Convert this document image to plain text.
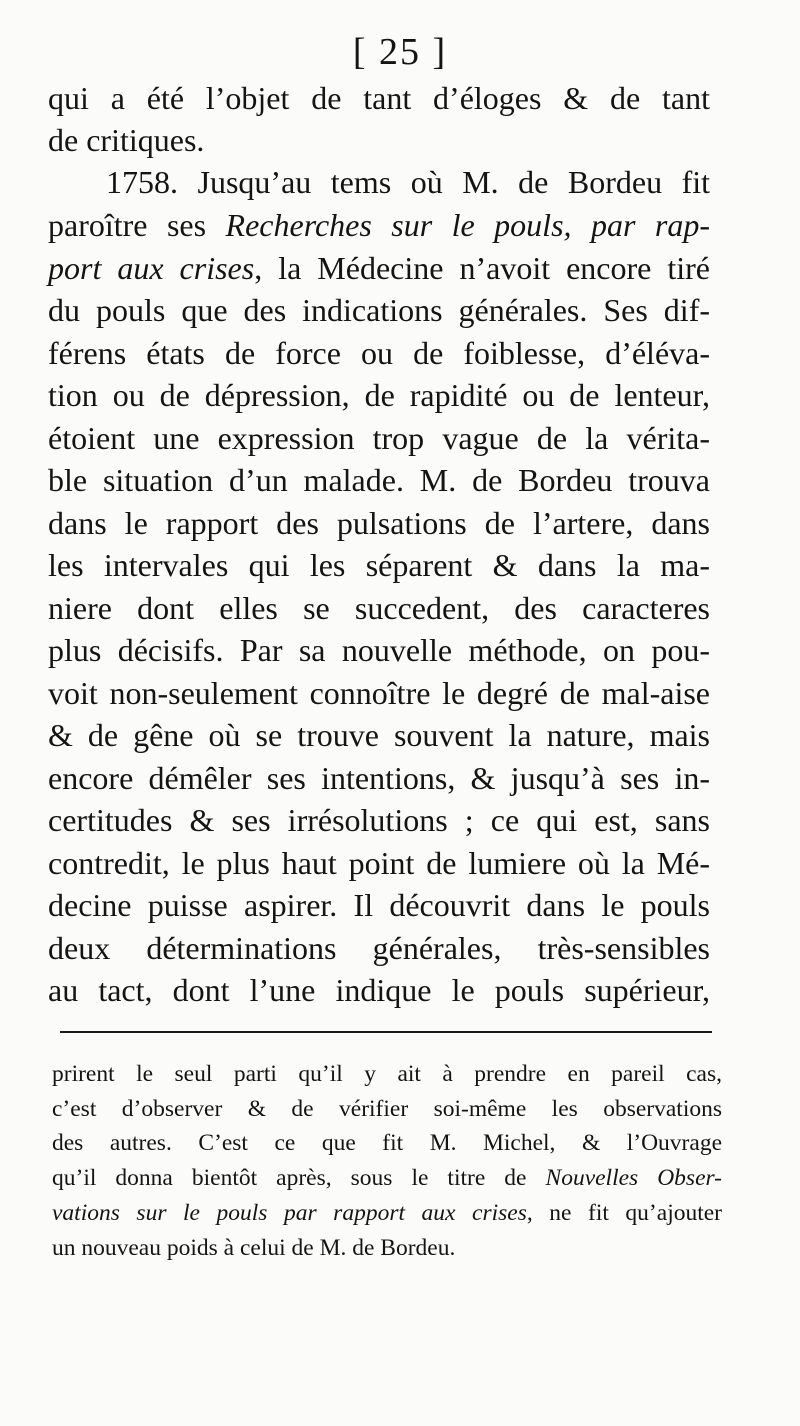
[ 25 ]
qui a été l’objet de tant d’éloges & de tant
de critiques.
1758. Jusqu’au tems où M. de Bordeu fit
paroître ses Recherches sur le pouls, par rap-
port aux crises, la Médecine n’avoit encore tiré
du pouls que des indications générales. Ses dif-
férens états de force ou de foiblesse, d’éléva-
tion ou de dépression, de rapidité ou de lenteur,
étoient une expression trop vague de la vérita-
ble situation d’un malade. M. de Bordeu trouva
dans le rapport des pulsations de l’artere, dans
les intervales qui les séparent & dans la ma-
niere dont elles se succedent, des caracteres
plus décisifs. Par sa nouvelle méthode, on pou-
voit non-seulement connoître le degré de mal-aise
& de gêne où se trouve souvent la nature, mais
encore démêler ses intentions, & jusqu’à ses in-
certitudes & ses irrésolutions ; ce qui est, sans
contredit, le plus haut point de lumiere où la Mé-
decine puisse aspirer. Il découvrit dans le pouls
deux déterminations générales, très-sensibles
au tact, dont l’une indique le pouls supérieur,
prirent le seul parti qu’il y ait à prendre en pareil cas,
c’est d’observer & de vérifier soi-même les observations
des autres. C’est ce que fit M. Michel, & l’Ouvrage
qu’il donna bientôt après, sous le titre de Nouvelles Obser-
vations sur le pouls par rapport aux crises, ne fit qu’ajouter
un nouveau poids à celui de M. de Bordeu.
